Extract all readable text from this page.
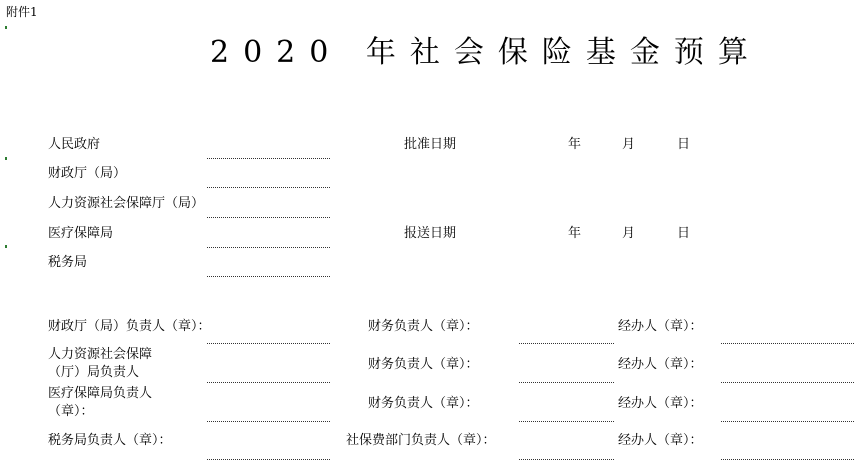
附件1
2020 年社会保险基金预算
人民政府
财政厅（局）
人力资源社会保障厅（局）
医疗保障局
税务局
批准日期	年	月	日
报送日期	年	月	日
财政厅（局）负责人（章）：	财务负责人（章）：	经办人（章）：
人力资源社会保障
（厅）局负责人
财务负责人（章）：	经办人（章）：
医疗保障局负责人
（章）：
财务负责人（章）：	经办人（章）：
税务局负责人（章）：	社保费部门负责人（章）：	经办人（章）：
